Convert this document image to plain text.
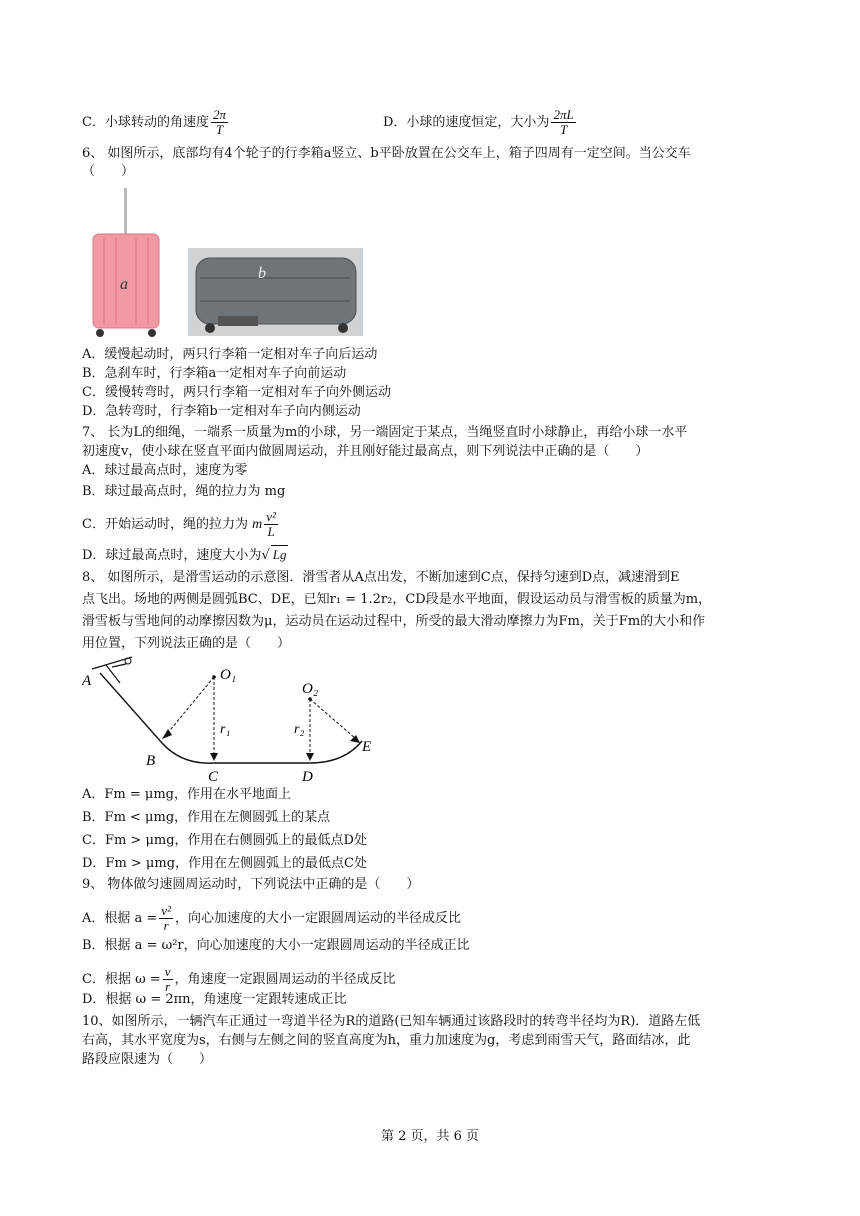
C．小球转动的角速度 $\frac{2\pi}{T}$	D．小球的速度恒定，大小为 $\frac{2\pi L}{T}$
6、 如图所示，底部均有4个轮子的行李箱a竖立、b平卧放置在公交车上，箱子四周有一定空间。当公交车
（　　）
a
b
A．缓慢起动时，两只行李箱一定相对车子向后运动
B．急刹车时，行李箱a一定相对车子向前运动
C．缓慢转弯时，两只行李箱一定相对车子向外侧运动
D．急转弯时，行李箱b一定相对车子向内侧运动
7、 长为L的细绳，一端系一质量为m的小球，另一端固定于某点，当绳竖直时小球静止，再给小球一水平
初速度v，使小球在竖直平面内做圆周运动，并且刚好能过最高点，则下列说法中正确的是（　　）
A．球过最高点时，速度为零
B．球过最高点时，绳的拉力为 mg
C．开始运动时，绳的拉力为 m $\frac{\text{v²}}{L}$
D．球过最高点时，速度大小为√ Lg
8、 如图所示，是滑雪运动的示意图．滑雪者从A点出发，不断加速到C点，保持匀速到D点，减速滑到E
点飞出。场地的两侧是圆弧BC、DE，已知r₁ = 1.2r₂，CD段是水平地面，假设运动员与滑雪板的质量为m，
滑雪板与雪地间的动摩擦因数为μ，运动员在运动过程中，所受的最大滑动摩擦力为Fm，关于Fm的大小和作
用位置，下列说法正确的是（　　）
A
B
C	D
E
O₁
O₂
r₁	r₂
A．Fm = μmg，作用在水平地面上
B．Fm < μmg，作用在左侧圆弧上的某点
C．Fm > μmg，作用在右侧圆弧上的最低点D处
D．Fm > μmg，作用在左侧圆弧上的最低点C处
9、 物体做匀速圆周运动时，下列说法中正确的是（　　）
A．根据 $a = \frac{\text{v²}}{r}$ ，向心加速度的大小一定跟圆周运动的半径成反比
B．根据 a = ω²r，向心加速度的大小一定跟圆周运动的半径成正比
C．根据 $\omega = \frac{v}{r}$ ，角速度一定跟圆周运动的半径成反比
D．根据 ω = 2πn，角速度一定跟转速成正比
10、如图所示，一辆汽车正通过一弯道半径为R的道路(已知车辆通过该路段时的转弯半径均为R)．道路左低
右高，其水平宽度为s，右侧与左侧之间的竖直高度为h，重力加速度为g，考虑到雨雪天气，路面结冰，此
路段应限速为（　　）
第 2 页，共 6 页
